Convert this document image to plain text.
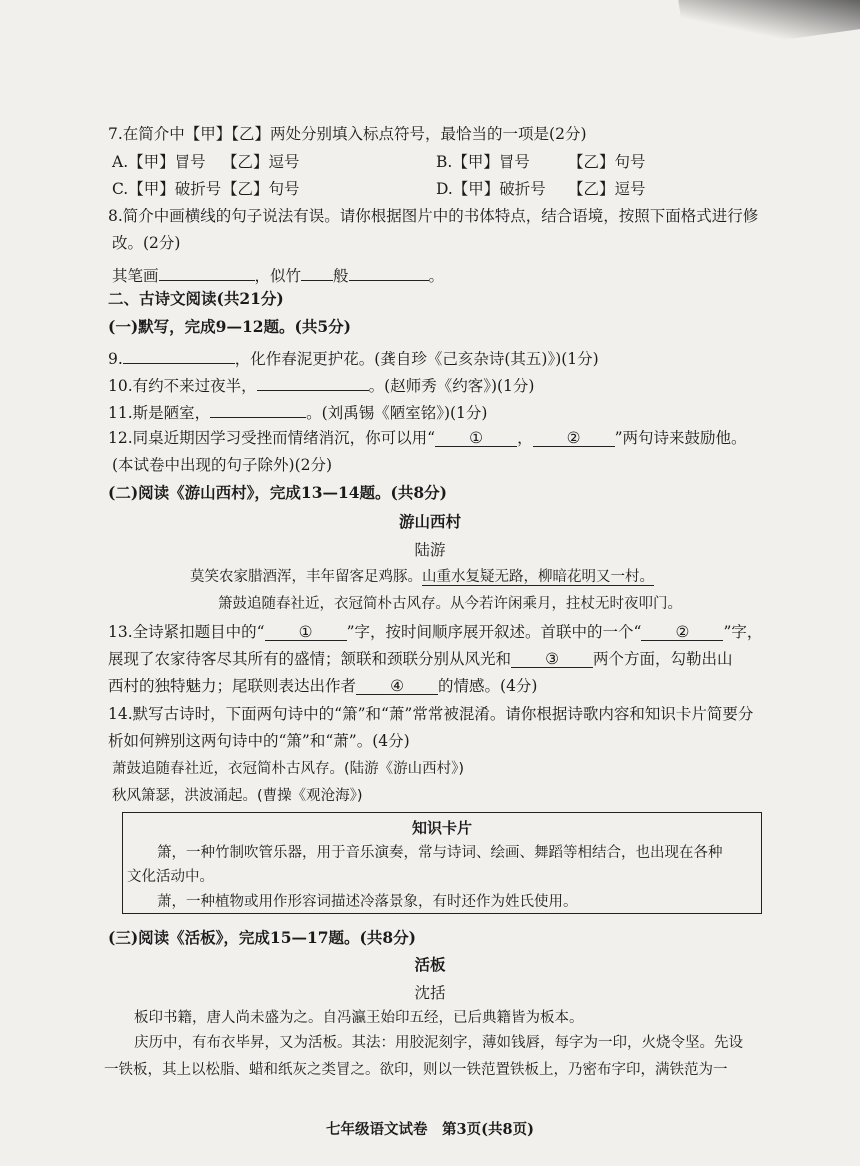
7.在简介中【甲】【乙】两处分别填入标点符号，最恰当的一项是(2分)
A.【甲】冒号 【乙】逗号	B.【甲】冒号 【乙】句号
C.【甲】破折号 【乙】句号	D.【甲】破折号 【乙】逗号
8.简介中画横线的句子说法有误。请你根据图片中的书体特点，结合语境，按照下面格式进行修
改。(2分)
其笔画	，似竹 般	。
二、古诗文阅读(共21分)
(一)默写，完成9—12题。(共5分)
9.	，化作春泥更护花。(龚自珍《己亥杂诗(其五)》)(1分)
10.有约不来过夜半，	。(赵师秀《约客》)(1分)
11.斯是陋室，	。(刘禹锡《陋室铭》)(1分)
12.同桌近期因学习受挫而情绪消沉，你可以用“ ① ， ② ”两句诗来鼓励他。
(本试卷中出现的句子除外)(2分)
(二)阅读《游山西村》，完成13—14题。(共8分)
游山西村
陆游
莫笑农家腊酒浑，丰年留客足鸡豚。山重水复疑无路，柳暗花明又一村。
箫鼓追随春社近，衣冠简朴古风存。从今若许闲乘月，拄杖无时夜叩门。
13.全诗紧扣题目中的“ ① ”字，按时间顺序展开叙述。首联中的一个“ ② ”字，
展现了农家待客尽其所有的盛情；颔联和颈联分别从风光和 ③ 两个方面，勾勒出山
西村的独特魅力；尾联则表达出作者 ④ 的情感。(4分)
14.默写古诗时，下面两句诗中的“箫”和“萧”常常被混淆。请你根据诗歌内容和知识卡片简要分
析如何辨别这两句诗中的“箫”和“萧”。(4分)
萧鼓追随春社近，衣冠简朴古风存。(陆游《游山西村》)
秋风箫瑟，洪波涌起。(曹操《观沧海》)
知识卡片
箫，一种竹制吹管乐器，用于音乐演奏，常与诗词、绘画、舞蹈等相结合，也出现在各种
文化活动中。
萧，一种植物或用作形容词描述冷落景象，有时还作为姓氏使用。
(三)阅读《活板》，完成15—17题。(共8分)
活板
沈括
板印书籍，唐人尚未盛为之。自冯瀛王始印五经，已后典籍皆为板本。
庆历中，有布衣毕昇，又为活板。其法：用胶泥刻字，薄如钱唇，每字为一印，火烧令坚。先设
一铁板，其上以松脂、蜡和纸灰之类冒之。欲印，则以一铁范置铁板上，乃密布字印，满铁范为一
七年级语文试卷　第3页(共8页)
